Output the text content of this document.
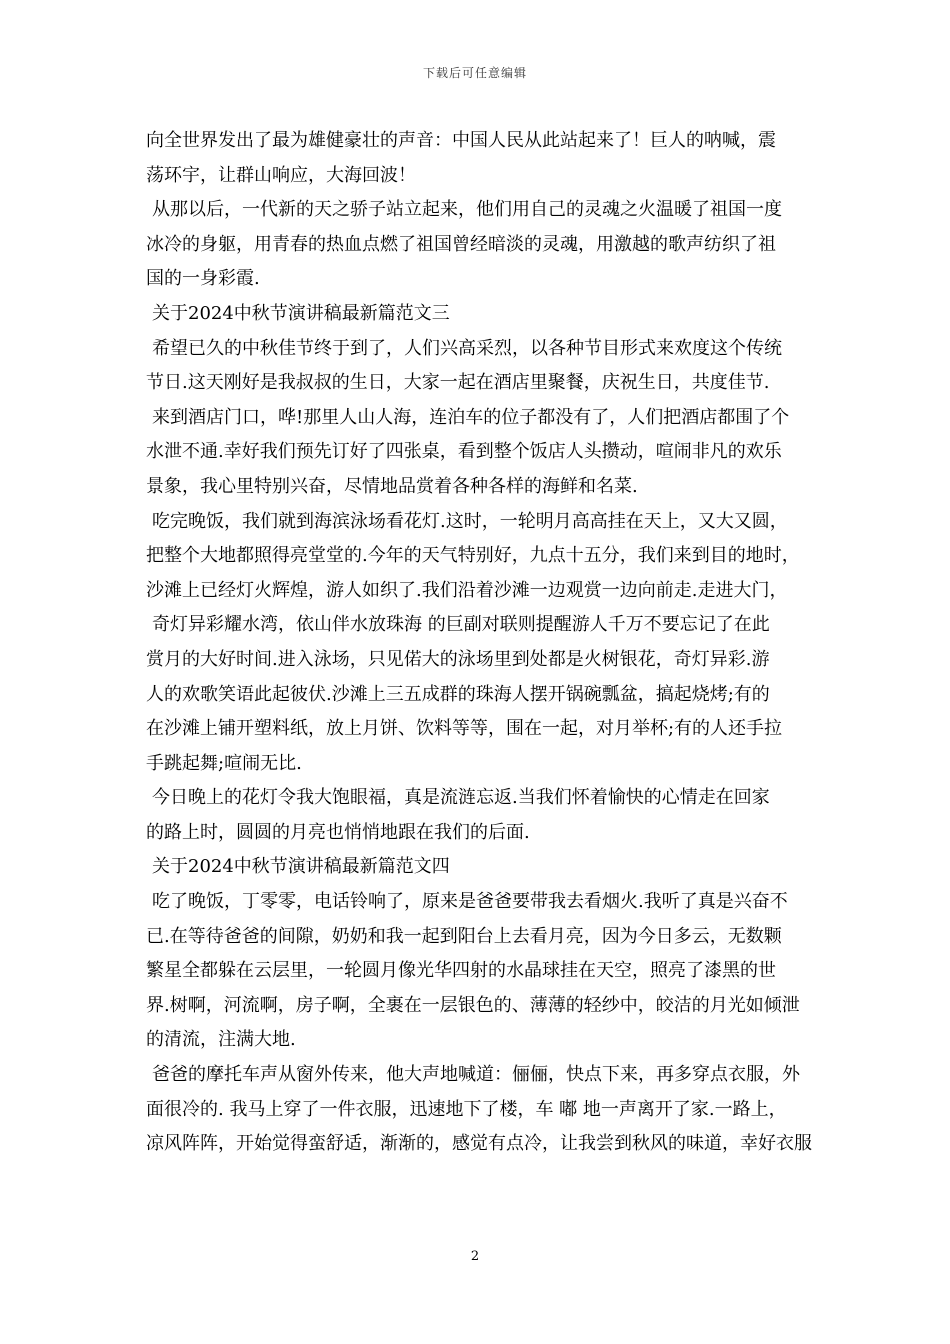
下载后可任意编辑
向全世界发出了最为雄健豪壮的声音：中国人民从此站起来了！巨人的呐喊，震
荡环宇，让群山响应，大海回波！
从那以后，一代新的天之骄子站立起来，他们用自己的灵魂之火温暖了祖国一度
冰冷的身躯，用青春的热血点燃了祖国曾经暗淡的灵魂，用激越的歌声纺织了祖
国的一身彩霞.
关于2024中秋节演讲稿最新篇范文三
希望已久的中秋佳节终于到了，人们兴高采烈，以各种节目形式来欢度这个传统
节日.这天刚好是我叔叔的生日，大家一起在酒店里聚餐，庆祝生日，共度佳节.
来到酒店门口，哗!那里人山人海，连泊车的位子都没有了，人们把酒店都围了个
水泄不通.幸好我们预先订好了四张桌，看到整个饭店人头攒动，喧闹非凡的欢乐
景象，我心里特别兴奋，尽情地品赏着各种各样的海鲜和名菜.
吃完晚饭，我们就到海滨泳场看花灯.这时，一轮明月高高挂在天上，又大又圆，
把整个大地都照得亮堂堂的.今年的天气特别好，九点十五分，我们来到目的地时，
沙滩上已经灯火辉煌，游人如织了.我们沿着沙滩一边观赏一边向前走.走进大门，
奇灯异彩耀水湾，依山伴水放珠海 的巨副对联则提醒游人千万不要忘记了在此
赏月的大好时间.进入泳场，只见偌大的泳场里到处都是火树银花，奇灯异彩.游
人的欢歌笑语此起彼伏.沙滩上三五成群的珠海人摆开锅碗瓢盆，搞起烧烤;有的
在沙滩上铺开塑料纸，放上月饼、饮料等等，围在一起，对月举杯;有的人还手拉
手跳起舞;喧闹无比.
今日晚上的花灯令我大饱眼福，真是流涟忘返.当我们怀着愉快的心情走在回家
的路上时，圆圆的月亮也悄悄地跟在我们的后面.
关于2024中秋节演讲稿最新篇范文四
吃了晚饭，丁零零，电话铃响了，原来是爸爸要带我去看烟火.我听了真是兴奋不
已.在等待爸爸的间隙，奶奶和我一起到阳台上去看月亮，因为今日多云，无数颗
繁星全都躲在云层里，一轮圆月像光华四射的水晶球挂在天空，照亮了漆黑的世
界.树啊，河流啊，房子啊，全裹在一层银色的、薄薄的轻纱中，皎洁的月光如倾泄
的清流，注满大地.
爸爸的摩托车声从窗外传来，他大声地喊道：俪俪，快点下来，再多穿点衣服，外
面很冷的. 我马上穿了一件衣服，迅速地下了楼，车 嘟 地一声离开了家.一路上，
凉风阵阵，开始觉得蛮舒适，渐渐的，感觉有点冷，让我尝到秋风的味道，幸好衣服
2
